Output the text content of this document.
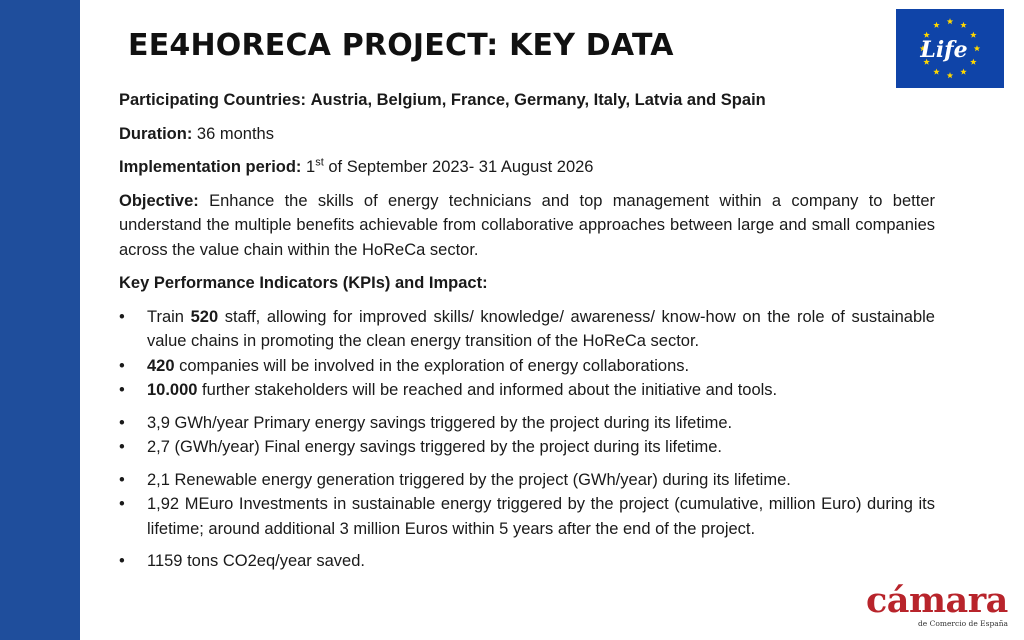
EE4HORECA PROJECT: KEY DATA	Life

Participating Countries: Austria, Belgium, France, Germany, Italy, Latvia and Spain

Duration: 36 months

Implementation period: 1st of September 2023- 31 August 2026

Objective: Enhance the skills of energy technicians and top management within a company to better understand the multiple benefits achievable from collaborative approaches between large and small companies across the value chain within the HoReCa sector.

Key Performance Indicators (KPIs) and Impact:

• Train 520 staff, allowing for improved skills/ knowledge/ awareness/ know-how on the role of sustainable value chains in promoting the clean energy transition of the HoReCa sector.
• 420 companies will be involved in the exploration of energy collaborations.
• 10.000 further stakeholders will be reached and informed about the initiative and tools.
• 3,9 GWh/year Primary energy savings triggered by the project during its lifetime.
• 2,7 (GWh/year) Final energy savings triggered by the project during its lifetime.
• 2,1 Renewable energy generation triggered by the project (GWh/year) during its lifetime.
• 1,92 MEuro Investments in sustainable energy triggered by the project (cumulative, million Euro) during its lifetime; around additional 3 million Euros within 5 years after the end of the project.
• 1159 tons CO2eq/year saved.
cámara
de Comercio de España
